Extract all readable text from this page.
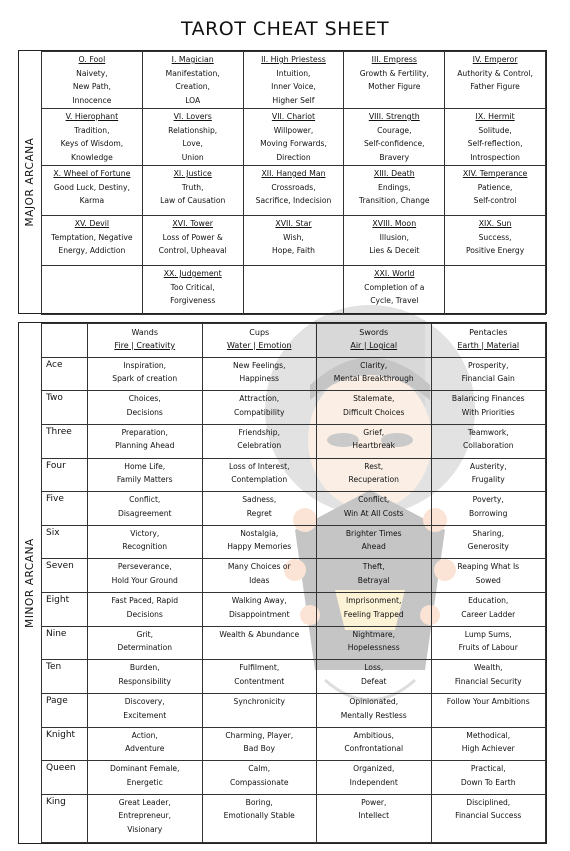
TAROT CHEAT SHEET
MAJOR ARCANA
O. Fool
Naivety,
New Path,
Innocence	I. Magician
Manifestation,
Creation,
LOA	II. High Priestess
Intuition,
Inner Voice,
Higher Self	III. Empress
Growth & Fertility,
Mother Figure	IV. Emperor
Authority & Control,
Father Figure

V. Hierophant
Tradition,
Keys of Wisdom,
Knowledge	VI. Lovers
Relationship,
Love,
Union	VII. Chariot
Willpower,
Moving Forwards,
Direction	VIII. Strength
Courage,
Self-confidence,
Bravery	IX. Hermit
Solitude,
Self-reflection,
Introspection

X. Wheel of Fortune
Good Luck, Destiny,
Karma	XI. Justice
Truth,
Law of Causation	XII. Hanged Man
Crossroads,
Sacrifice, Indecision	XIII. Death
Endings,
Transition, Change	XIV. Temperance
Patience,
Self-control

XV. Devil
Temptation, Negative
Energy, Addiction	XVI. Tower
Loss of Power &
Control, Upheaval	XVII. Star
Wish,
Hope, Faith	XVIII. Moon
Illusion,
Lies & Deceit	XIX. Sun
Success,
Positive Energy

	XX. Judgement
Too Critical,
Forgiveness		XXI. World
Completion of a
Cycle, Travel	

MINOR ARCANA

	Wands
Fire | Creativity	Cups
Water | Emotion	Swords
Air | Logical	Pentacles
Earth | Material

Ace	Inspiration,
Spark of creation	New Feelings,
Happiness	Clarity,
Mental Breakthrough	Prosperity,
Financial Gain

Two	Choices,
Decisions	Attraction,
Compatibility	Stalemate,
Difficult Choices	Balancing Finances
With Priorities

Three	Preparation,
Planning Ahead	Friendship,
Celebration	Grief,
Heartbreak	Teamwork,
Collaboration

Four	Home Life,
Family Matters	Loss of Interest,
Contemplation	Rest,
Recuperation	Austerity,
Frugality

Five	Conflict,
Disagreement	Sadness,
Regret	Conflict,
Win At All Costs	Poverty,
Borrowing

Six	Victory,
Recognition	Nostalgia,
Happy Memories	Brighter Times
Ahead	Sharing,
Generosity

Seven	Perseverance,
Hold Your Ground	Many Choices or
Ideas	Theft,
Betrayal	Reaping What Is
Sowed

Eight	Fast Paced, Rapid
Decisions	Walking Away,
Disappointment	Imprisonment,
Feeling Trapped	Education,
Career Ladder

Nine	Grit,
Determination	Wealth & Abundance	Nightmare,
Hopelessness	Lump Sums,
Fruits of Labour

Ten	Burden,
Responsibility	Fulfilment,
Contentment	Loss,
Defeat	Wealth,
Financial Security

Page	Discovery,
Excitement	Synchronicity	Opinionated,
Mentally Restless	Follow Your Ambitions

Knight	Action,
Adventure	Charming, Player,
Bad Boy	Ambitious,
Confrontational	Methodical,
High Achiever

Queen	Dominant Female,
Energetic	Calm,
Compassionate	Organized,
Independent	Practical,
Down To Earth

King	Great Leader,
Entrepreneur,
Visionary	Boring,
Emotionally Stable	Power,
Intellect	Disciplined,
Financial Success
